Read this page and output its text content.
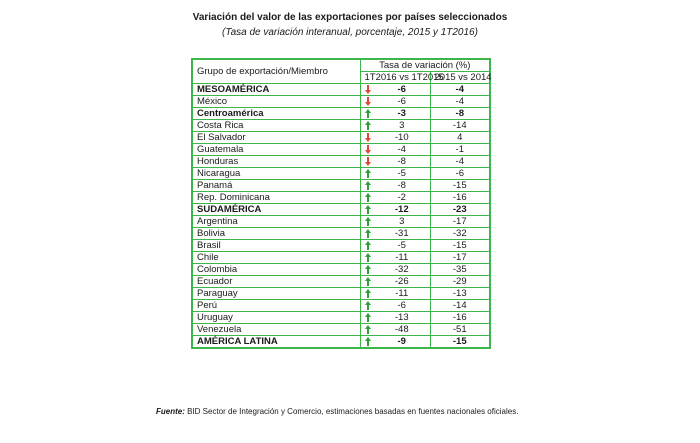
Variación del valor de las exportaciones por países seleccionados
(Tasa de variación interanual, porcentaje, 2015 y 1T2016)
Grupo de exportación/Miembro	Tasa de variación (%)		
	1T2016 vs 1T2015		2015 vs 2014
MESOAMÉRICA		-6	-4
México		-6	-4
Centroamérica		-3	-8
Costa Rica		3	-14
El Salvador		-10	4
Guatemala		-4	-1
Honduras		-8	-4
Nicaragua		-5	-6
Panamá		-8	-15
Rep. Dominicana		-2	-16
SUDAMÉRICA		-12	-23
Argentina		3	-17
Bolivia		-31	-32
Brasil		-5	-15
Chile		-11	-17
Colombia		-32	-35
Ecuador		-26	-29
Paraguay		-11	-13
Perú		-6	-14
Uruguay		-13	-16
Venezuela		-48	-51
AMÉRICA LATINA		-9	-15
Fuente: BID Sector de Integración y Comercio, estimaciones basadas en fuentes nacionales oficiales.
